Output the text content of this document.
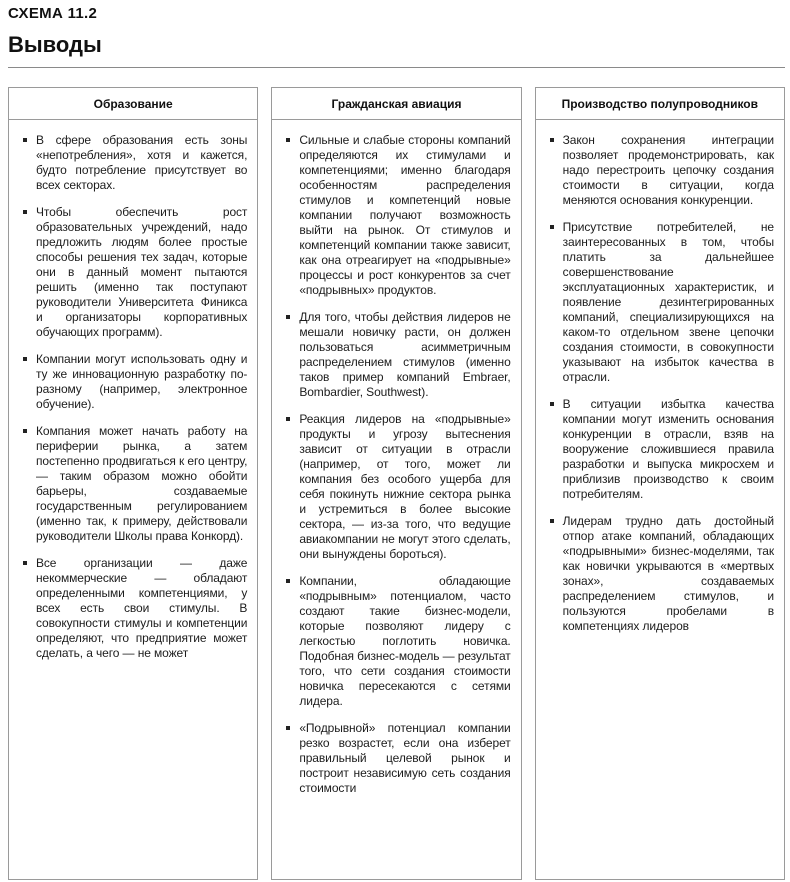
СХЕМА 11.2
Выводы
Образование
В сфере образования есть зоны «непотребления», хотя и кажется, будто потребление присутствует во всех секторах.
Чтобы обеспечить рост образовательных учреждений, надо предложить людям более простые способы решения тех задач, которые они в данный момент пытаются решить (именно так поступают руководители Университета Финикса и организаторы корпоративных обучающих программ).
Компании могут использовать одну и ту же инновационную разработку по-разному (например, электронное обучение).
Компания может начать работу на периферии рынка, а затем постепенно продвигаться к его центру, — таким образом можно обойти барьеры, создаваемые государственным регулированием (именно так, к примеру, действовали руководители Школы права Конкорд).
Все организации — даже некоммерческие — обладают определенными компетенциями, у всех есть свои стимулы. В совокупности стимулы и компетенции определяют, что предприятие может сделать, а чего — не может
Гражданская авиация
Сильные и слабые стороны компаний определяются их стимулами и компетенциями; именно благодаря особенностям распределения стимулов и компетенций новые компании получают возможность выйти на рынок. От стимулов и компетенций компании также зависит, как она отреагирует на «подрывные» процессы и рост конкурентов за счет «подрывных» продуктов.
Для того, чтобы действия лидеров не мешали новичку расти, он должен пользоваться асимметричным распределением стимулов (именно таков пример компаний Embraer, Bombardier, Southwest).
Реакция лидеров на «подрывные» продукты и угрозу вытеснения зависит от ситуации в отрасли (например, от того, может ли компания без особого ущерба для себя покинуть нижние сектора рынка и устремиться в более высокие сектора, — из-за того, что ведущие авиакомпании не могут этого сделать, они вынуждены бороться).
Компании, обладающие «подрывным» потенциалом, часто создают такие бизнес-модели, которые позволяют лидеру с легкостью поглотить новичка. Подобная бизнес-модель — результат того, что сети создания стоимости новичка пересекаются с сетями лидера.
«Подрывной» потенциал компании резко возрастет, если она изберет правильный целевой рынок и построит независимую сеть создания стоимости
Производство полупроводников
Закон сохранения интеграции позволяет продемонстрировать, как надо перестроить цепочку создания стоимости в ситуации, когда меняются основания конкуренции.
Присутствие потребителей, не заинтересованных в том, чтобы платить за дальнейшее совершенствование эксплуатационных характеристик, и появление дезинтегрированных компаний, специализирующихся на каком-то отдельном звене цепочки создания стоимости, в совокупности указывают на избыток качества в отрасли.
В ситуации избытка качества компании могут изменить основания конкуренции в отрасли, взяв на вооружение сложившиеся правила разработки и выпуска микросхем и приблизив производство к своим потребителям.
Лидерам трудно дать достойный отпор атаке компаний, обладающих «подрывными» бизнес-моделями, так как новички укрываются в «мертвых зонах», создаваемых распределением стимулов, и пользуются пробелами в компетенциях лидеров
